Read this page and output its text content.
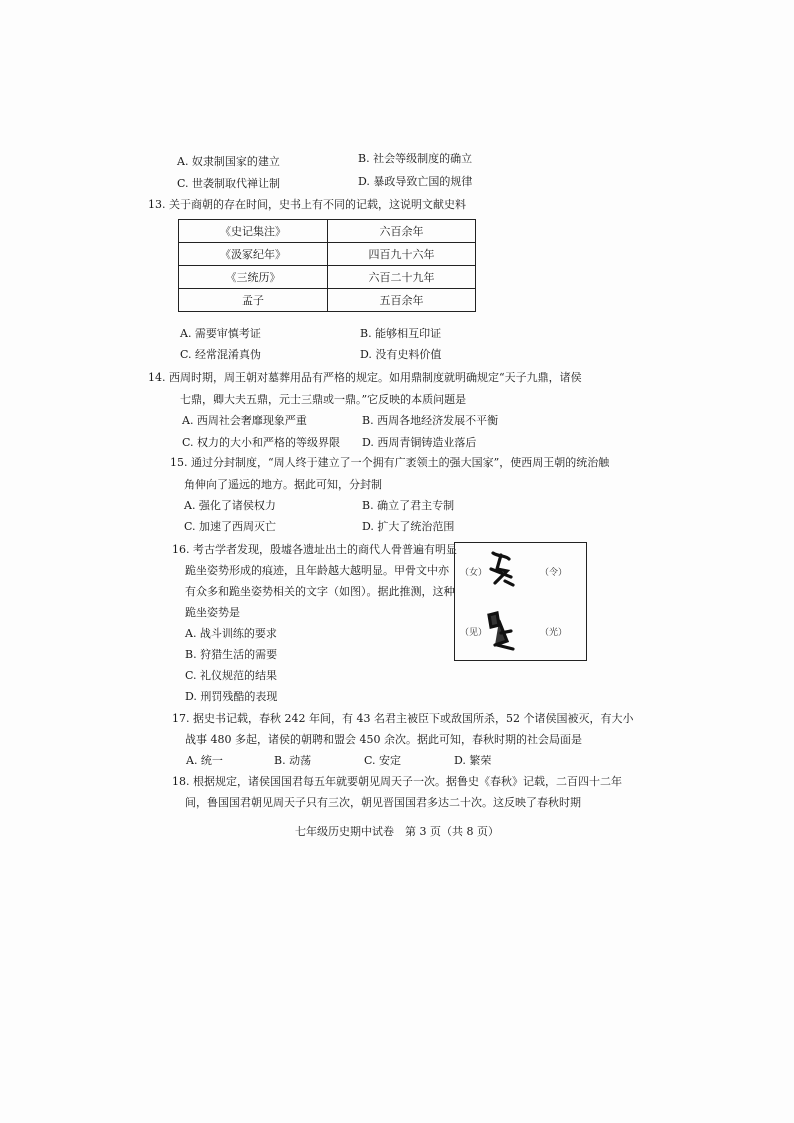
A. 奴隶制国家的建立	B. 社会等级制度的确立
C. 世袭制取代禅让制	D. 暴政导致亡国的规律
13. 关于商朝的存在时间，史书上有不同的记载，这说明文献史料
《史记集注》	六百余年
《汲冢纪年》	四百九十六年
《三统历》	六百二十九年
孟子	五百余年
A. 需要审慎考证	B. 能够相互印证
C. 经常混淆真伪	D. 没有史料价值
14. 西周时期，周王朝对墓葬用品有严格的规定。如用鼎制度就明确规定“天子九鼎，诸侯
七鼎，卿大夫五鼎，元士三鼎或一鼎。”它反映的本质问题是
A. 西周社会奢靡现象严重	B. 西周各地经济发展不平衡
C. 权力的大小和严格的等级界限 D. 西周青铜铸造业落后
15. 通过分封制度，“周人终于建立了一个拥有广袤领土的强大国家”，使西周王朝的统治触
角伸向了遥远的地方。据此可知，分封制
A. 强化了诸侯权力	B. 确立了君主专制
C. 加速了西周灭亡	D. 扩大了统治范围
16. 考古学者发现，殷墟各遗址出土的商代人骨普遍有明显
跪坐姿势形成的痕迹，且年龄越大越明显。甲骨文中亦
有众多和跪坐姿势相关的文字（如图）。据此推测，这种
跪坐姿势是
A. 战斗训练的要求
B. 狩猎生活的需要
C. 礼仪规范的结果
D. 刑罚残酷的表现
（女）	（令）
（见）	（光）
17. 据史书记载，春秋 242 年间，有 43 名君主被臣下或敌国所杀，52 个诸侯国被灭，有大小
战事 480 多起，诸侯的朝聘和盟会 450 余次。据此可知，春秋时期的社会局面是
A. 统一	B. 动荡	C. 安定	D. 繁荣
18. 根据规定，诸侯国国君每五年就要朝见周天子一次。据鲁史《春秋》记载，二百四十二年
间，鲁国国君朝见周天子只有三次，朝见晋国国君多达二十次。这反映了春秋时期
七年级历史期中试卷　第 3 页（共 8 页）
